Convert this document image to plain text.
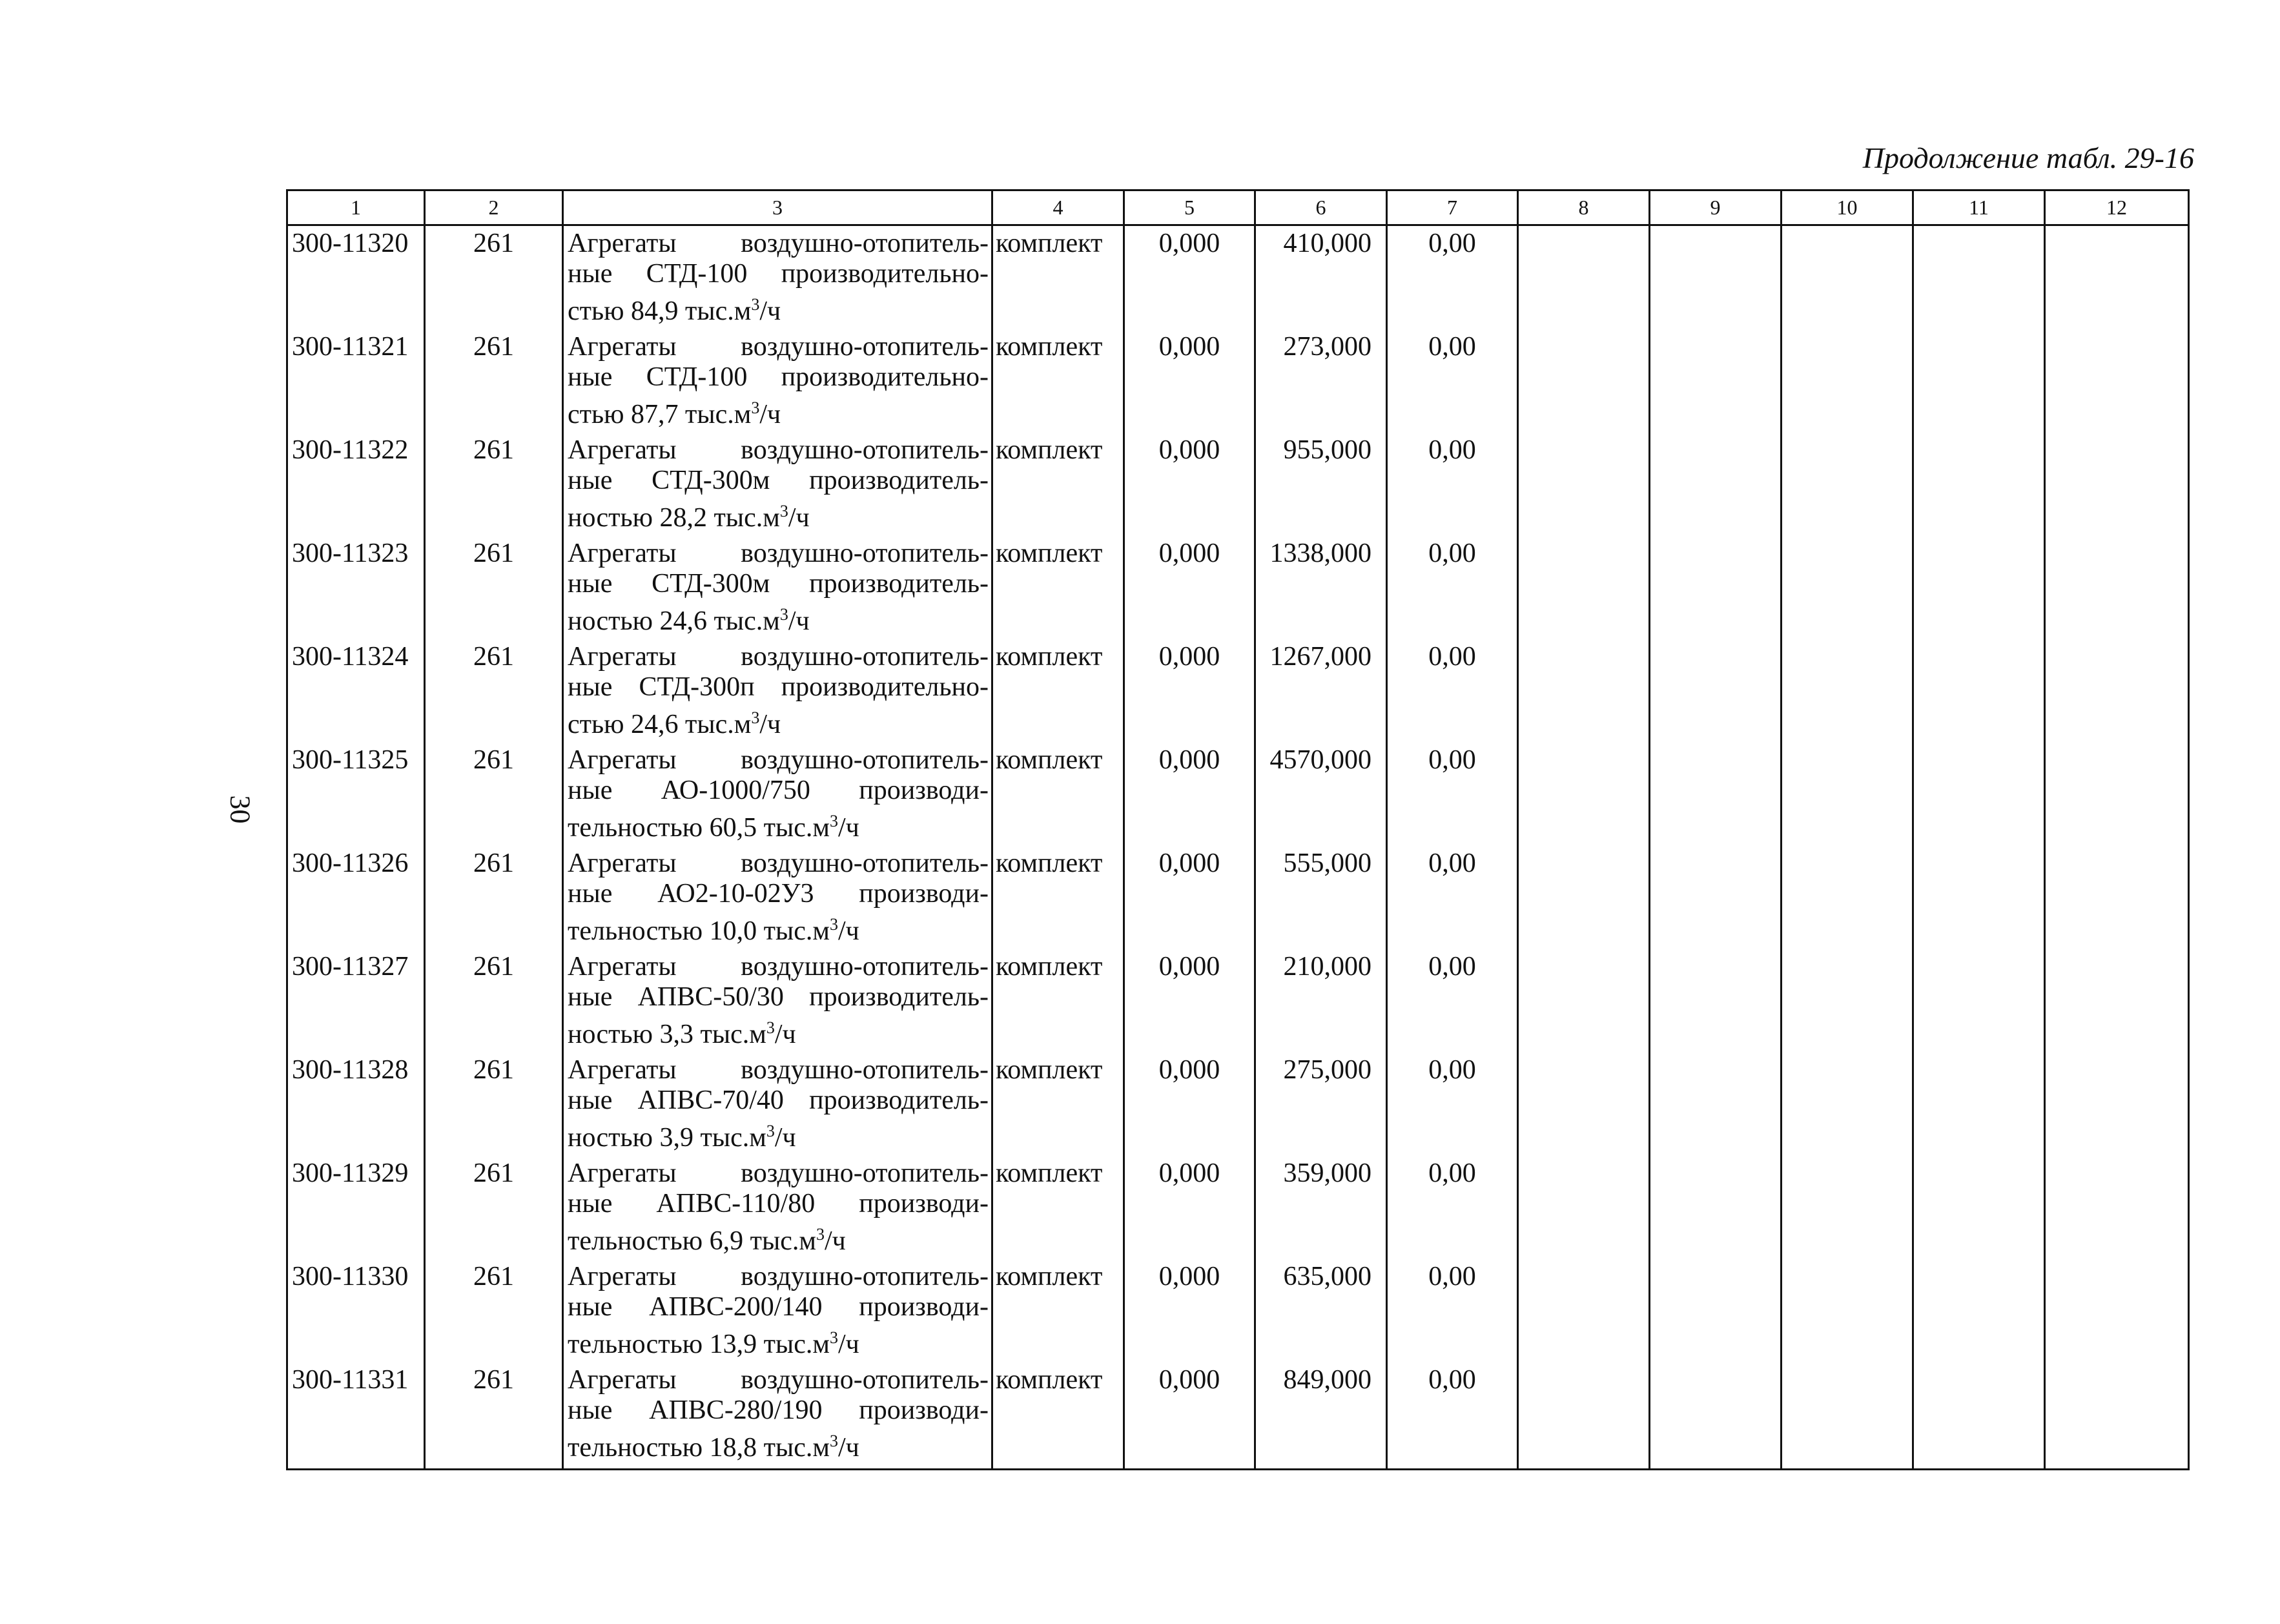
Продолжение табл. 29-16
30
1	2	3	4	5	6	7	8	9	10	11	12
300-11320	261	Агрегаты воздушно-отопитель-
ные СТД-100 производительно-
стью 84,9 $тыс.м^3/ч$	комплект	0,000	410,000	0,00					
300-11321	261	Агрегаты воздушно-отопитель-
ные СТД-100 производительно-
стью 87,7 $тыс.м^3/ч$	комплект	0,000	273,000	0,00					
300-11322	261	Агрегаты воздушно-отопитель-
ные СТД-300м производитель-
ностью 28,2 $тыс.м^3/ч$	комплект	0,000	955,000	0,00					
300-11323	261	Агрегаты воздушно-отопитель-
ные СТД-300м производитель-
ностью 24,6 $тыс.м^3/ч$	комплект	0,000	1338,000	0,00					
300-11324	261	Агрегаты воздушно-отопитель-
ные СТД-300п производительно-
стью 24,6 $тыс.м^3/ч$	комплект	0,000	1267,000	0,00					
300-11325	261	Агрегаты воздушно-отопитель-
ные АО-1000/750 производи-
тельностью 60,5 $тыс.м^3/ч$	комплект	0,000	4570,000	0,00					
300-11326	261	Агрегаты воздушно-отопитель-
ные АО2-10-02У3 производи-
тельностью 10,0 $тыс.м^3/ч$	комплект	0,000	555,000	0,00					
300-11327	261	Агрегаты воздушно-отопитель-
ные АПВС-50/30 производитель-
ностью 3,3 $тыс.м^3/ч$	комплект	0,000	210,000	0,00					
300-11328	261	Агрегаты воздушно-отопитель-
ные АПВС-70/40 производитель-
ностью 3,9 $тыс.м^3/ч$	комплект	0,000	275,000	0,00					
300-11329	261	Агрегаты воздушно-отопитель-
ные АПВС-110/80 производи-
тельностью 6,9 $тыс.м^3/ч$	комплект	0,000	359,000	0,00					
300-11330	261	Агрегаты воздушно-отопитель-
ные АПВС-200/140 производи-
тельностью 13,9 $тыс.м^3/ч$	комплект	0,000	635,000	0,00					
300-11331	261	Агрегаты воздушно-отопитель-
ные АПВС-280/190 производи-
тельностью 18,8 $тыс.м^3/ч$	комплект	0,000	849,000	0,00					
